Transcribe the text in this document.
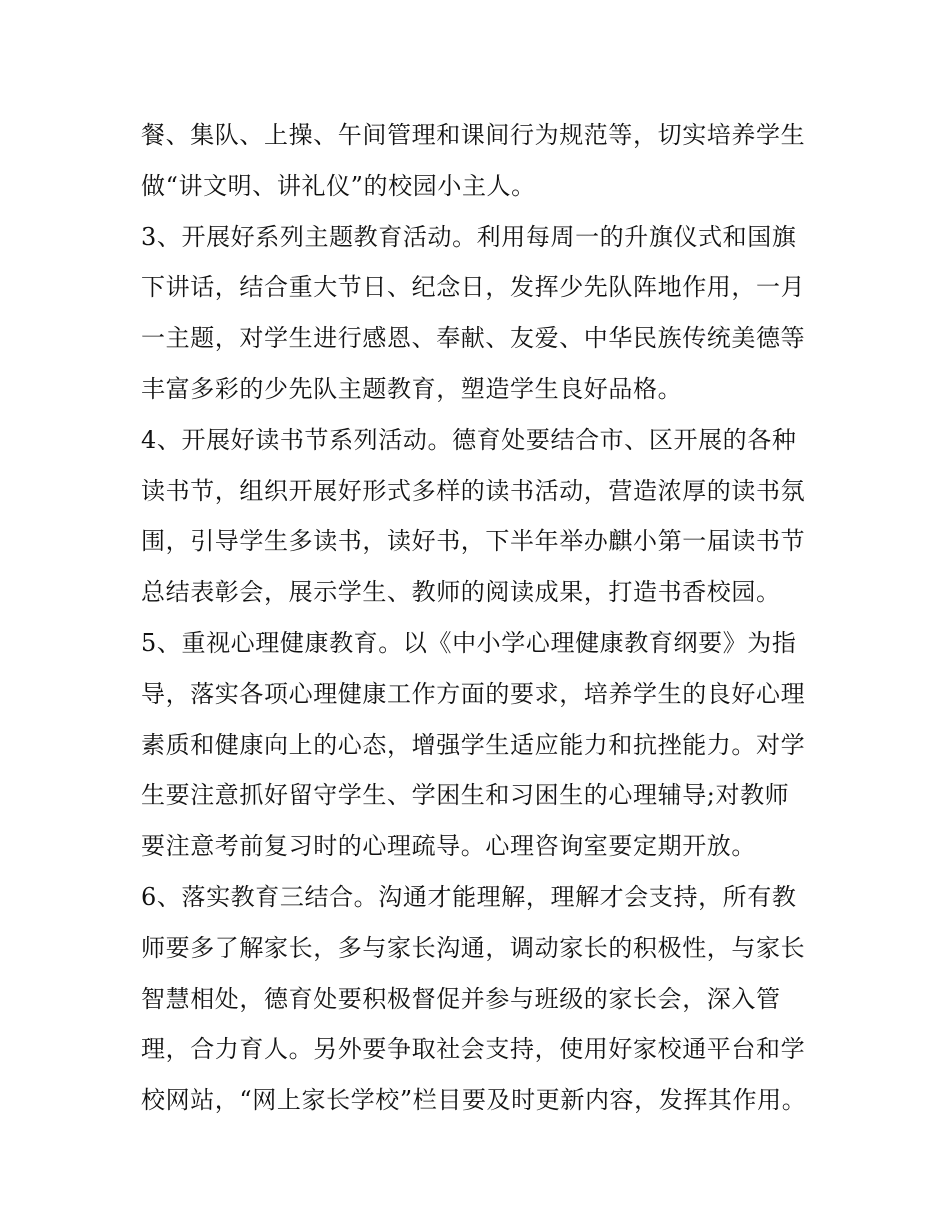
餐、集队、上操、午间管理和课间行为规范等，切实培养学生
做“讲文明、讲礼仪”的校园小主人。
3、开展好系列主题教育活动。利用每周一的升旗仪式和国旗
下讲话，结合重大节日、纪念日，发挥少先队阵地作用，一月
一主题，对学生进行感恩、奉献、友爱、中华民族传统美德等
丰富多彩的少先队主题教育，塑造学生良好品格。
4、开展好读书节系列活动。德育处要结合市、区开展的各种
读书节，组织开展好形式多样的读书活动，营造浓厚的读书氛
围，引导学生多读书，读好书，下半年举办麒小第一届读书节
总结表彰会，展示学生、教师的阅读成果，打造书香校园。
5、重视心理健康教育。以《中小学心理健康教育纲要》为指
导，落实各项心理健康工作方面的要求，培养学生的良好心理
素质和健康向上的心态，增强学生适应能力和抗挫能力。对学
生要注意抓好留守学生、学困生和习困生的心理辅导;对教师
要注意考前复习时的心理疏导。心理咨询室要定期开放。
6、落实教育三结合。沟通才能理解，理解才会支持，所有教
师要多了解家长，多与家长沟通，调动家长的积极性，与家长
智慧相处，德育处要积极督促并参与班级的家长会，深入管
理，合力育人。另外要争取社会支持，使用好家校通平台和学
校网站，“网上家长学校”栏目要及时更新内容，发挥其作用。
